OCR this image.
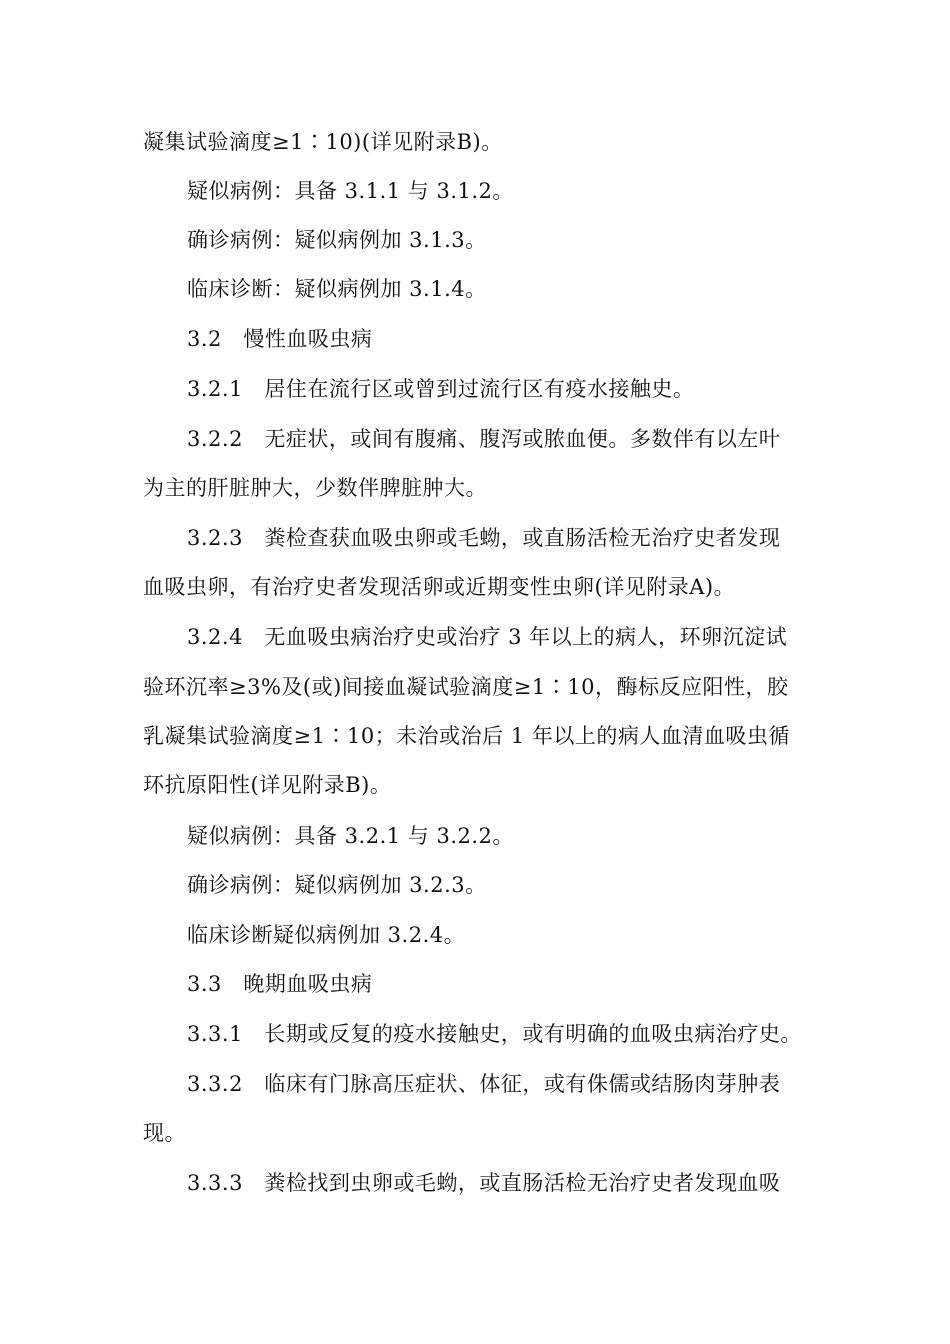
凝集试验滴度≥1∶10)(详见附录B)。
疑似病例：具备 3.1.1 与 3.1.2。
确诊病例：疑似病例加 3.1.3。
临床诊断：疑似病例加 3.1.4。
3.2　慢性血吸虫病
3.2.1　居住在流行区或曾到过流行区有疫水接触史。
3.2.2　无症状，或间有腹痛、腹泻或脓血便。多数伴有以左叶
为主的肝脏肿大，少数伴脾脏肿大。
3.2.3　粪检查获血吸虫卵或毛蚴，或直肠活检无治疗史者发现
血吸虫卵，有治疗史者发现活卵或近期变性虫卵(详见附录A)。
3.2.4　无血吸虫病治疗史或治疗 3 年以上的病人，环卵沉淀试
验环沉率≥3%及(或)间接血凝试验滴度≥1∶10，酶标反应阳性，胶
乳凝集试验滴度≥1∶10；未治或治后 1 年以上的病人血清血吸虫循
环抗原阳性(详见附录B)。
疑似病例：具备 3.2.1 与 3.2.2。
确诊病例：疑似病例加 3.2.3。
临床诊断疑似病例加 3.2.4。
3.3　晚期血吸虫病
3.3.1　长期或反复的疫水接触史，或有明确的血吸虫病治疗史。
3.3.2　临床有门脉高压症状、体征，或有侏儒或结肠肉芽肿表
现。
3.3.3　粪检找到虫卵或毛蚴，或直肠活检无治疗史者发现血吸
